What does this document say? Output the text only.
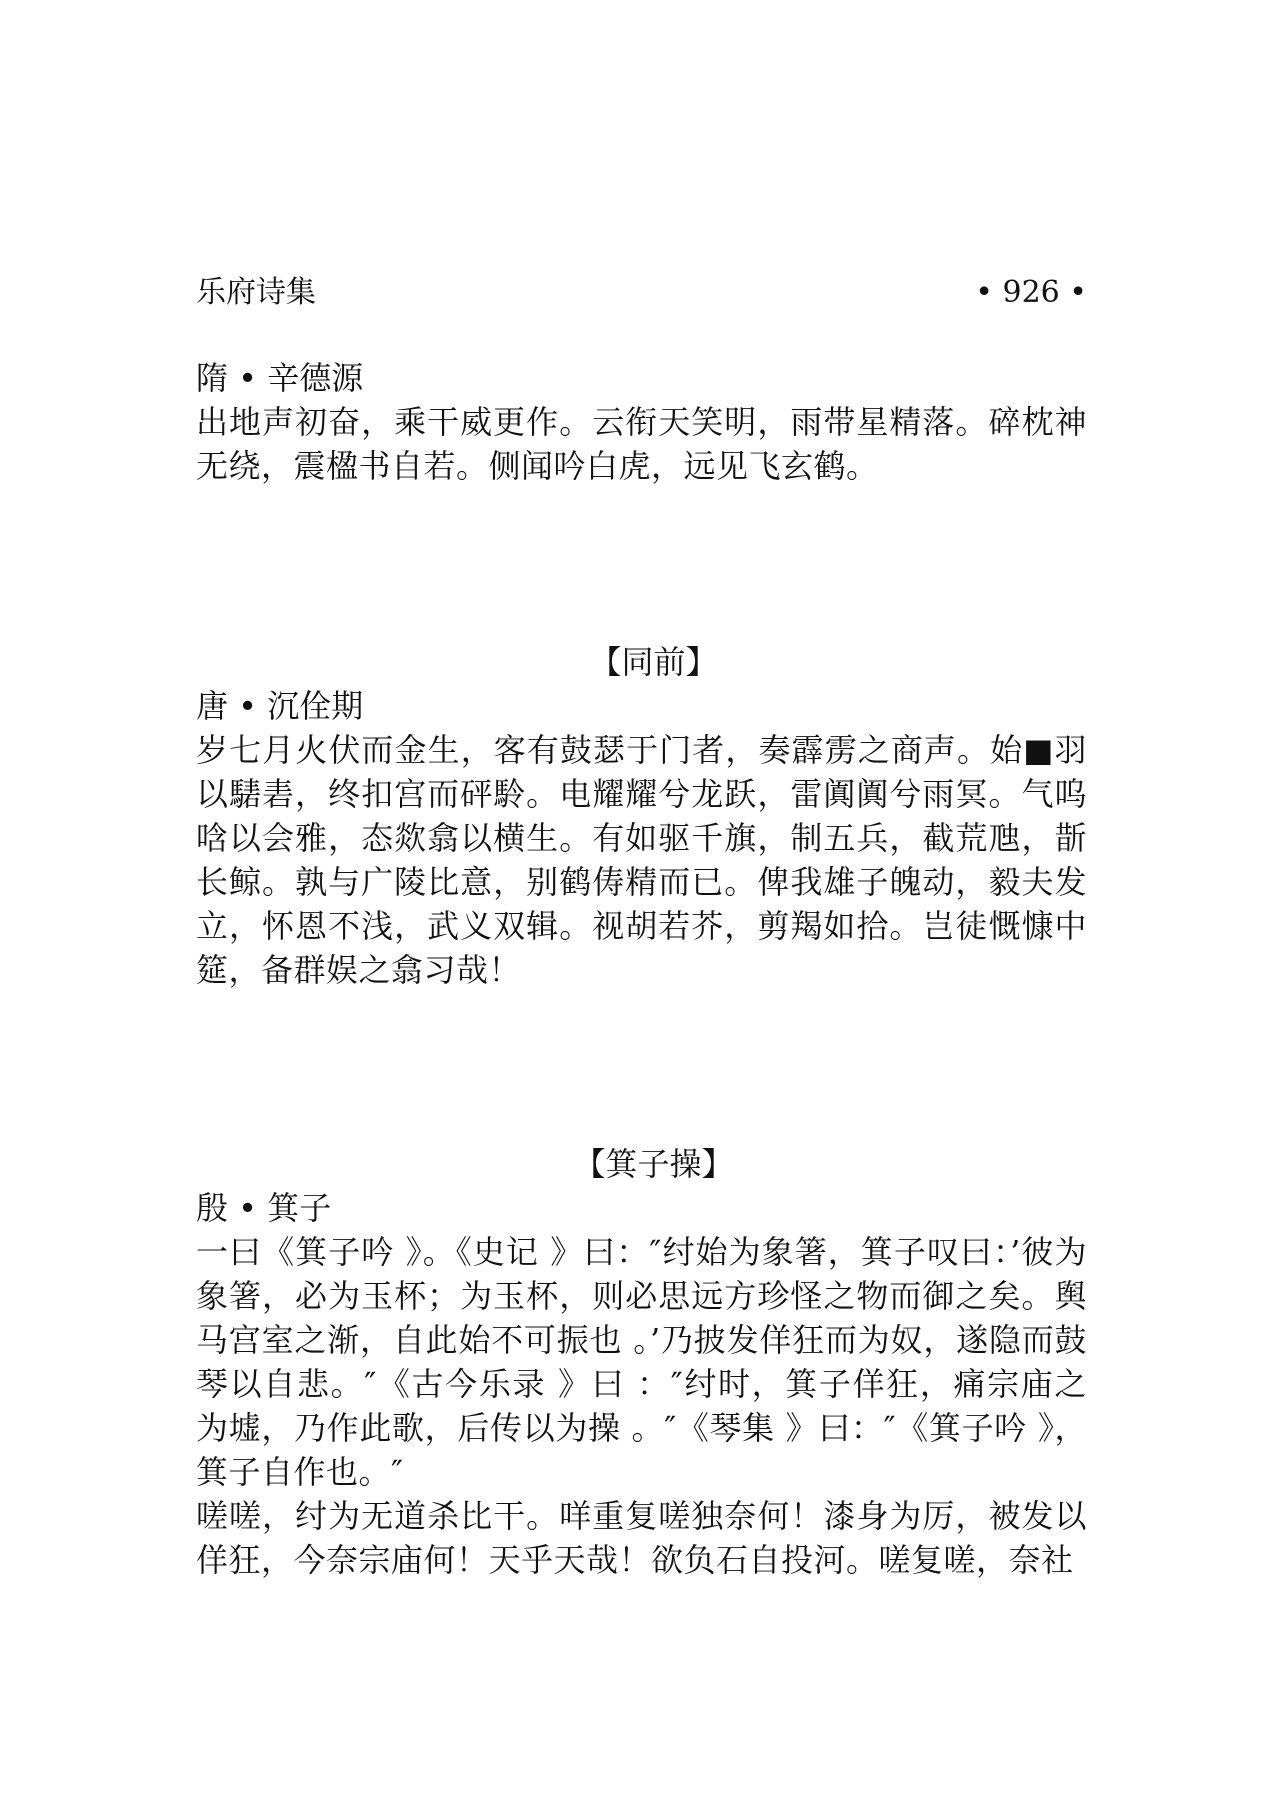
乐府诗集	• 926 •

隋 • 辛德源

出地声初奋，乘干威更作。云衔天笑明，雨带星精落。碎枕神无绕，震楹书自若。侧闻吟白虎，远见飞玄鹤。

【同前】

唐 • 沉佺期

岁七月火伏而金生，客有鼓瑟于门者，奏霹雳之商声。始■羽以騞砉，终扣宫而砰駖。电耀耀兮龙跃，雷阗阗兮雨冥。气呜唅以会雅，态欻翕以横生。有如驱千旗，制五兵，截荒虺，斮长鲸。孰与广陵比意，别鹤俦精而已。俾我雄子魄动，毅夫发立，怀恩不浅，武义双辑。视胡若芥，剪羯如拾。岂徒慨慷中筵，备群娱之翕习哉！

【箕子操】

殷 • 箕子

一曰《箕子吟 》。《史记 》曰：″纣始为象箸，箕子叹曰：’彼为象箸，必为玉杯；为玉杯，则必思远方珍怪之物而御之矣。舆马宫室之渐，自此始不可振也 。’乃披发佯狂而为奴，遂隐而鼓琴以自悲。″《古今乐录 》曰 ：″纣时，箕子佯狂，痛宗庙之为墟，乃作此歌，后传以为操 。″《琴集 》曰：″《箕子吟 》，箕子自作也。″

嗟嗟，纣为无道杀比干。咩重复嗟独奈何！漆身为厉，被发以佯狂，今奈宗庙何！天乎天哉！欲负石自投河。嗟复嗟，奈社
